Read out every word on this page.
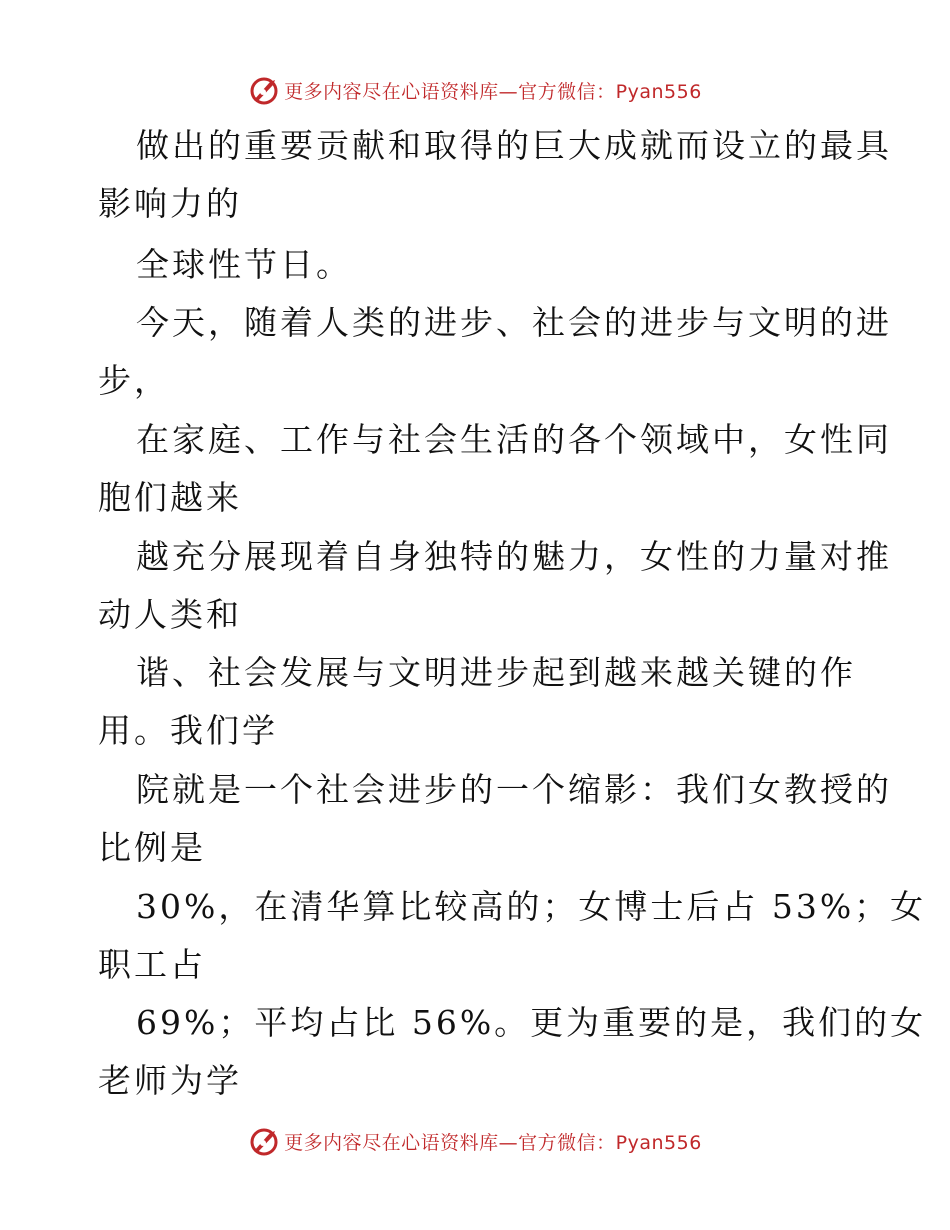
更多内容尽在心语资料库—官方微信：Pyan556
做出的重要贡献和取得的巨大成就而设立的最具
影响力的
全球性节日。
今天，随着人类的进步、社会的进步与文明的进
步，
在家庭、工作与社会生活的各个领域中，女性同
胞们越来
越充分展现着自身独特的魅力，女性的力量对推
动人类和
谐、社会发展与文明进步起到越来越关键的作
用。我们学
院就是一个社会进步的一个缩影：我们女教授的
比例是
30%，在清华算比较高的；女博士后占 53%；女
职工占
69%；平均占比 56%。更为重要的是，我们的女
老师为学
更多内容尽在心语资料库—官方微信：Pyan556
